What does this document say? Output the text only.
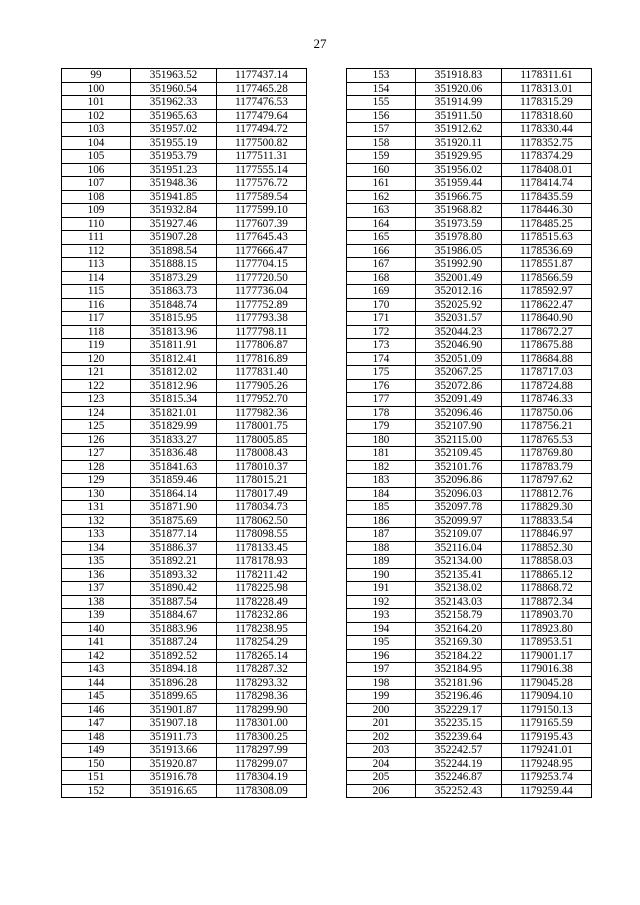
27
99	351963.52	1177437.14
100	351960.54	1177465.28
101	351962.33	1177476.53
102	351965.63	1177479.64
103	351957.02	1177494.72
104	351955.19	1177500.82
105	351953.79	1177511.31
106	351951.23	1177555.14
107	351948.36	1177576.72
108	351941.85	1177589.54
109	351932.84	1177599.10
110	351927.46	1177607.39
111	351907.28	1177645.43
112	351898.54	1177666.47
113	351888.15	1177704.15
114	351873.29	1177720.50
115	351863.73	1177736.04
116	351848.74	1177752.89
117	351815.95	1177793.38
118	351813.96	1177798.11
119	351811.91	1177806.87
120	351812.41	1177816.89
121	351812.02	1177831.40
122	351812.96	1177905.26
123	351815.34	1177952.70
124	351821.01	1177982.36
125	351829.99	1178001.75
126	351833.27	1178005.85
127	351836.48	1178008.43
128	351841.63	1178010.37
129	351859.46	1178015.21
130	351864.14	1178017.49
131	351871.90	1178034.73
132	351875.69	1178062.50
133	351877.14	1178098.55
134	351886.37	1178133.45
135	351892.21	1178178.93
136	351893.32	1178211.42
137	351890.42	1178225.98
138	351887.54	1178228.49
139	351884.67	1178232.86
140	351883.96	1178238.95
141	351887.24	1178254.29
142	351892.52	1178265.14
143	351894.18	1178287.32
144	351896.28	1178293.32
145	351899.65	1178298.36
146	351901.87	1178299.90
147	351907.18	1178301.00
148	351911.73	1178300.25
149	351913.66	1178297.99
150	351920.87	1178299.07
151	351916.78	1178304.19
152	351916.65	1178308.09
153	351918.83	1178311.61
154	351920.06	1178313.01
155	351914.99	1178315.29
156	351911.50	1178318.60
157	351912.62	1178330.44
158	351920.11	1178352.75
159	351929.95	1178374.29
160	351956.02	1178408.01
161	351959.44	1178414.74
162	351966.75	1178435.59
163	351968.82	1178446.30
164	351973.59	1178485.25
165	351978.80	1178515.63
166	351986.05	1178536.69
167	351992.90	1178551.87
168	352001.49	1178566.59
169	352012.16	1178592.97
170	352025.92	1178622.47
171	352031.57	1178640.90
172	352044.23	1178672.27
173	352046.90	1178675.88
174	352051.09	1178684.88
175	352067.25	1178717.03
176	352072.86	1178724.88
177	352091.49	1178746.33
178	352096.46	1178750.06
179	352107.90	1178756.21
180	352115.00	1178765.53
181	352109.45	1178769.80
182	352101.76	1178783.79
183	352096.86	1178797.62
184	352096.03	1178812.76
185	352097.78	1178829.30
186	352099.97	1178833.54
187	352109.07	1178846.97
188	352116.04	1178852.30
189	352134.00	1178858.03
190	352135.41	1178865.12
191	352138.02	1178868.72
192	352143.03	1178872.34
193	352158.79	1178903.70
194	352164.20	1178923.80
195	352169.30	1178953.51
196	352184.22	1179001.17
197	352184.95	1179016.38
198	352181.96	1179045.28
199	352196.46	1179094.10
200	352229.17	1179150.13
201	352235.15	1179165.59
202	352239.64	1179195.43
203	352242.57	1179241.01
204	352244.19	1179248.95
205	352246.87	1179253.74
206	352252.43	1179259.44
